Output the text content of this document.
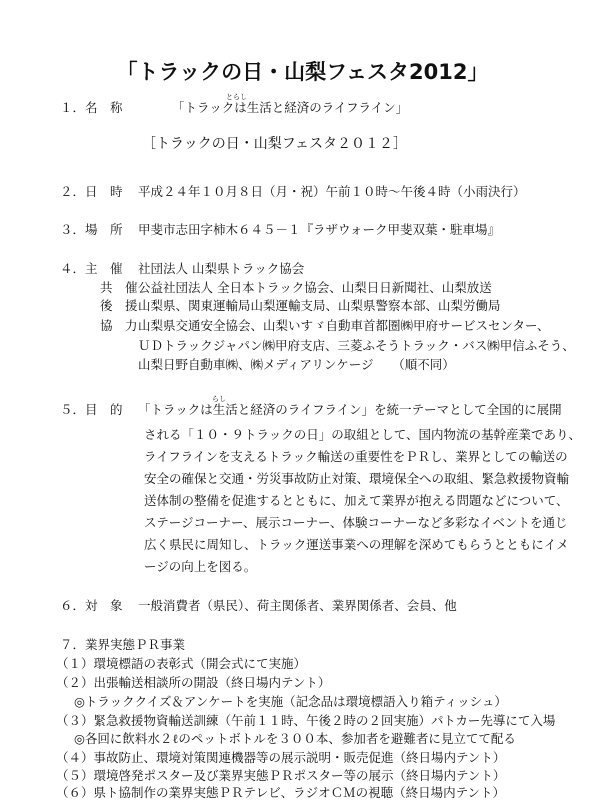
「トラックの日・山梨フェスタ2012」
１．名　称
とらし
「トラックは生活と経済のライフライン」
［トラックの日・山梨フェスタ２０１２］
２．日　時 平成２４年１０月８日（月・祝）午前１０時～午後４時（小雨決行）
３．場　所 甲斐市志田字柿木６４５－１『ラザウォーク甲斐双葉・駐車場』
４．主　催 社団法人 山梨県トラック協会
共　催 公益社団法人 全日本トラック協会、山梨日日新聞社、山梨放送
後　援 山梨県、関東運輸局山梨運輸支局、山梨県警察本部、山梨労働局
協　力 山梨県交通安全協会、山梨いすゞ自動車首都圏㈱甲府サービスセンター、
ＵＤトラックジャパン㈱甲府支店、三菱ふそうトラック・バス㈱甲信ふそう、
山梨日野自動車㈱、㈱メディアリンケージ　　（順不同）
５．目　的
らし
「トラックは生活と経済のライフライン」を統一テーマとして全国的に展開
される「１０・９トラックの日」の取組として、国内物流の基幹産業であり、
ライフラインを支えるトラック輸送の重要性をＰＲし、業界としての輸送の
安全の確保と交通・労災事故防止対策、環境保全への取組、緊急救援物資輸
送体制の整備を促進するとともに、加えて業界が抱える問題などについて、
ステージコーナー、展示コーナー、体験コーナーなど多彩なイベントを通じ
広く県民に周知し、トラック運送事業への理解を深めてもらうとともにイメ
ージの向上を図る。
６．対　象 一般消費者（県民）、荷主関係者、業界関係者、会員、他
７．業界実態ＰＲ事業
（１）環境標語の表彰式（開会式にて実施）
（２）出張輸送相談所の開設（終日場内テント）
◎トラッククイズ＆アンケートを実施（記念品は環境標語入り箱ティッシュ）
（３）緊急救援物資輸送訓練（午前１１時、午後２時の２回実施）パトカー先導にて入場
◎各回に飲料水２ℓのペットボトルを３００本、参加者を避難者に見立てて配る
（４）事故防止、環境対策関連機器等の展示説明・販売促進（終日場内テント）
（５）環境啓発ポスター及び業界実態ＰＲポスター等の展示（終日場内テント）
（６）県ト協制作の業界実態ＰＲテレビ、ラジオＣＭの視聴（終日場内テント）
